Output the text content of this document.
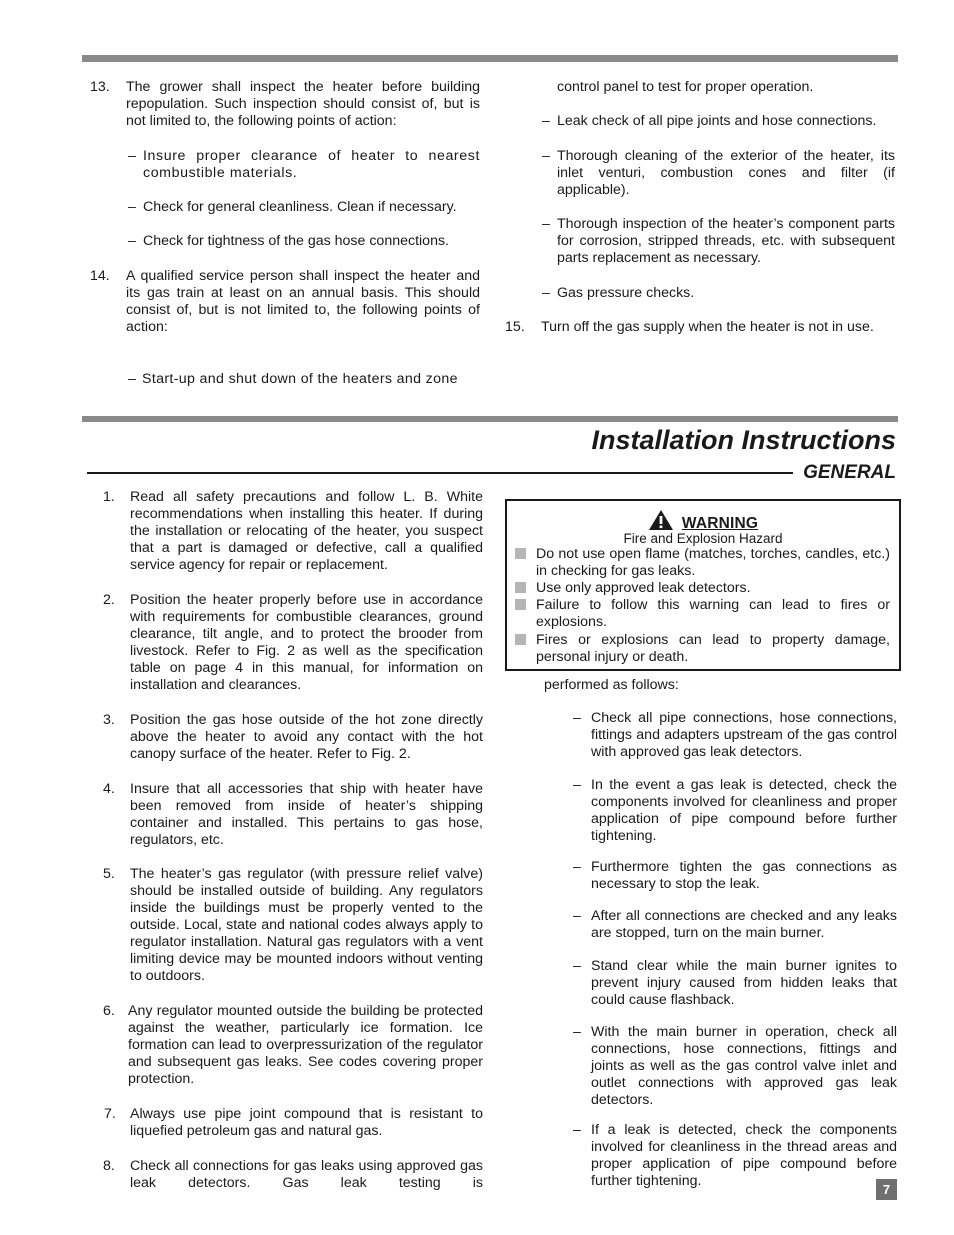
Installation Instructions
GENERAL
13. The grower shall inspect the heater before building repopulation. Such inspection should consist of, but is not limited to, the following points of action:
– Insure proper clearance of heater to nearest combustible materials.
– Check for general cleanliness. Clean if necessary.
– Check for tightness of the gas hose connections.
14. A qualified service person shall inspect the heater and its gas train at least on an annual basis. This should consist of, but is not limited to, the following points of action:
– Start-up and shut down of the heaters and zone
control panel to test for proper operation.
– Leak check of all pipe joints and hose connections.
– Thorough cleaning of the exterior of the heater, its inlet venturi, combustion cones and filter (if applicable).
– Thorough inspection of the heater’s component parts for corrosion, stripped threads, etc. with subsequent parts replacement as necessary.
– Gas pressure checks.
15. Turn off the gas supply when the heater is not in use.
1. Read all safety precautions and follow L. B. White recommendations when installing this heater. If during the installation or relocating of the heater, you suspect that a part is damaged or defective, call a qualified service agency for repair or replacement.
2. Position the heater properly before use in accordance with requirements for combustible clearances, ground clearance, tilt angle, and to protect the brooder from livestock. Refer to Fig. 2 as well as the specification table on page 4 in this manual, for information on installation and clearances.
3. Position the gas hose outside of the hot zone directly above the heater to avoid any contact with the hot canopy surface of the heater. Refer to Fig. 2.
4. Insure that all accessories that ship with heater have been removed from inside of heater’s shipping container and installed. This pertains to gas hose, regulators, etc.
5. The heater’s gas regulator (with pressure relief valve) should be installed outside of building. Any regulators inside the buildings must be properly vented to the outside. Local, state and national codes always apply to regulator installation. Natural gas regulators with a vent limiting device may be mounted indoors without venting to outdoors.
6. Any regulator mounted outside the building be protected against the weather, particularly ice formation. Ice formation can lead to overpressurization of the regulator and subsequent gas leaks. See codes covering proper protection.
7. Always use pipe joint compound that is resistant to liquefied petroleum gas and natural gas.
8. Check all connections for gas leaks using approved gas leak detectors. Gas leak testing is
WARNING
Fire and Explosion Hazard
Do not use open flame (matches, torches, candles, etc.) in checking for gas leaks.
Use only approved leak detectors.
Failure to follow this warning can lead to fires or explosions.
Fires or explosions can lead to property damage, personal injury or death.
performed as follows:
– Check all pipe connections, hose connections, fittings and adapters upstream of the gas control with approved gas leak detectors.
– In the event a gas leak is detected, check the components involved for cleanliness and proper application of pipe compound before further tightening.
– Furthermore tighten the gas connections as necessary to stop the leak.
– After all connections are checked and any leaks are stopped, turn on the main burner.
– Stand clear while the main burner ignites to prevent injury caused from hidden leaks that could cause flashback.
– With the main burner in operation, check all connections, hose connections, fittings and joints as well as the gas control valve inlet and outlet connections with approved gas leak detectors.
– If a leak is detected, check the components involved for cleanliness in the thread areas and proper application of pipe compound before further tightening.
7
